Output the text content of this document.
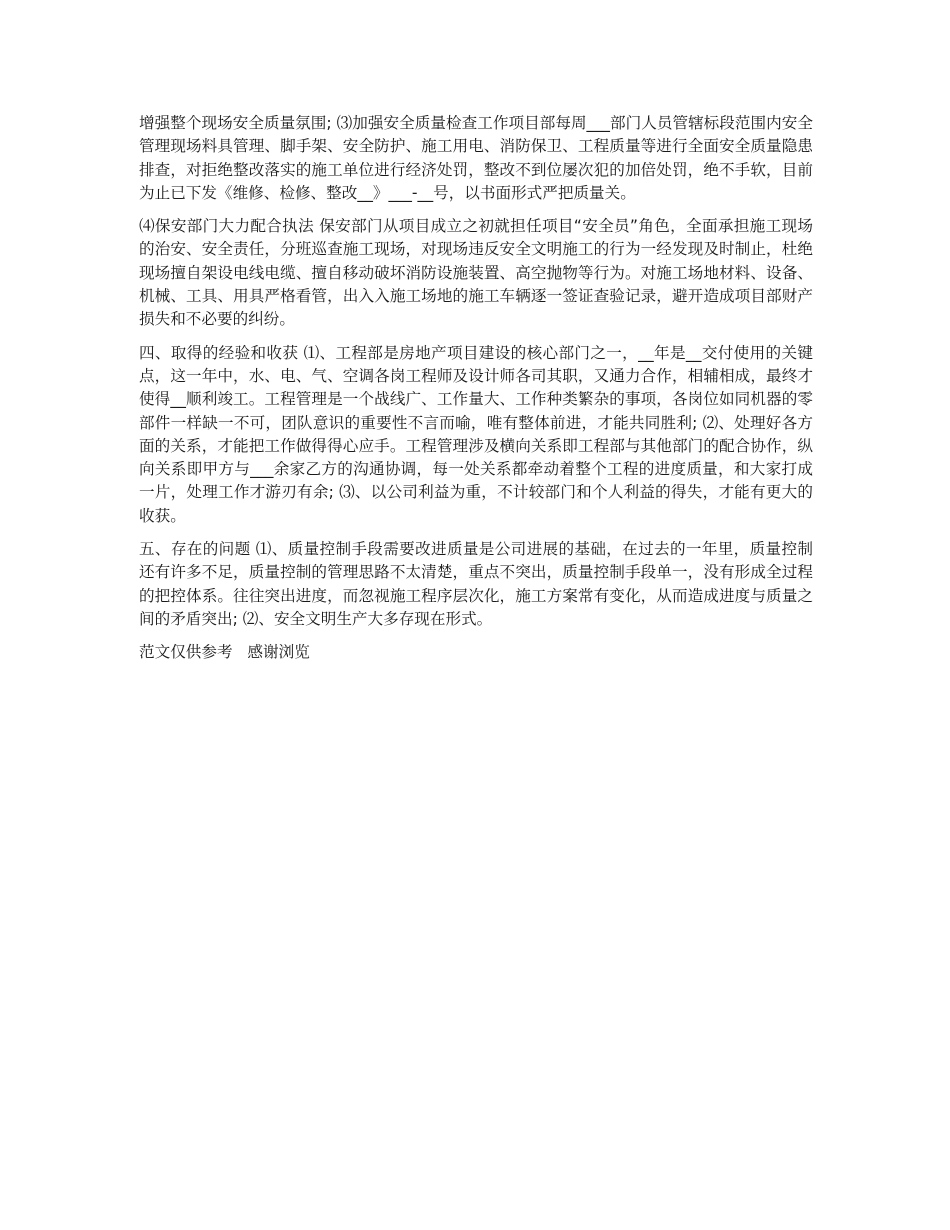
增强整个现场安全质量氛围; ⑶加强安全质量检查工作项目部每周___部门人员管辖标段范围内安全管理现场料具管理、脚手架、安全防护、施工用电、消防保卫、工程质量等进行全面安全质量隐患排查，对拒绝整改落实的施工单位进行经济处罚，整改不到位屡次犯的加倍处罚，绝不手软，目前为止已下发《维修、检修、整改__》___-__号，以书面形式严把质量关。

⑷保安部门大力配合执法 保安部门从项目成立之初就担任项目“安全员”角色，全面承担施工现场的治安、安全责任，分班巡查施工现场，对现场违反安全文明施工的行为一经发现及时制止，杜绝现场擅自架设电线电缆、擅自移动破坏消防设施装置、高空抛物等行为。对施工场地材料、设备、机械、工具、用具严格看管，出入入施工场地的施工车辆逐一签证查验记录，避开造成项目部财产损失和不必要的纠纷。

四、取得的经验和收获 ⑴、工程部是房地产项目建设的核心部门之一，__年是__交付使用的关键点，这一年中，水、电、气、空调各岗工程师及设计师各司其职，又通力合作，相辅相成，最终才使得__顺利竣工。工程管理是一个战线广、工作量大、工作种类繁杂的事项，各岗位如同机器的零部件一样缺一不可，团队意识的重要性不言而喻，唯有整体前进，才能共同胜利; ⑵、处理好各方面的关系，才能把工作做得得心应手。工程管理涉及横向关系即工程部与其他部门的配合协作，纵向关系即甲方与___余家乙方的沟通协调，每一处关系都牵动着整个工程的进度质量，和大家打成一片，处理工作才游刃有余; ⑶、以公司利益为重，不计较部门和个人利益的得失，才能有更大的收获。

五、存在的问题 ⑴、质量控制手段需要改进质量是公司进展的基础，在过去的一年里，质量控制还有许多不足，质量控制的管理思路不太清楚，重点不突出，质量控制手段单一，没有形成全过程的把控体系。往往突出进度，而忽视施工程序层次化，施工方案常有变化，从而造成进度与质量之间的矛盾突出; ⑵、安全文明生产大多存现在形式。

范文仅供参考   感谢浏览
